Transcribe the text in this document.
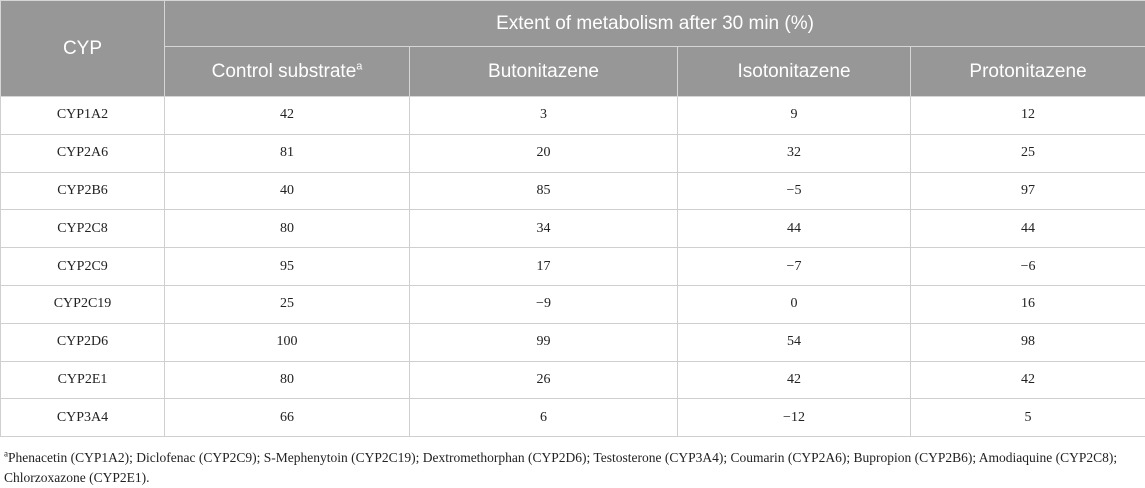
CYP	Extent of metabolism after 30 min (%)			
	Control substrate$^a$	Butonitazene	Isotonitazene	Protonitazene
CYP1A2	42	3	9	12
CYP2A6	81	20	32	25
CYP2B6	40	85	−5	97
CYP2C8	80	34	44	44
CYP2C9	95	17	−7	−6
CYP2C19	25	−9	0	16
CYP2D6	100	99	54	98
CYP2E1	80	26	42	42
CYP3A4	66	6	−12	5
$^a$Phenacetin (CYP1A2); Diclofenac (CYP2C9); S-Mephenytoin (CYP2C19); Dextromethorphan (CYP2D6); Testosterone (CYP3A4); Coumarin (CYP2A6); Bupropion (CYP2B6); Amodiaquine (CYP2C8); Chlorzoxazone (CYP2E1).
